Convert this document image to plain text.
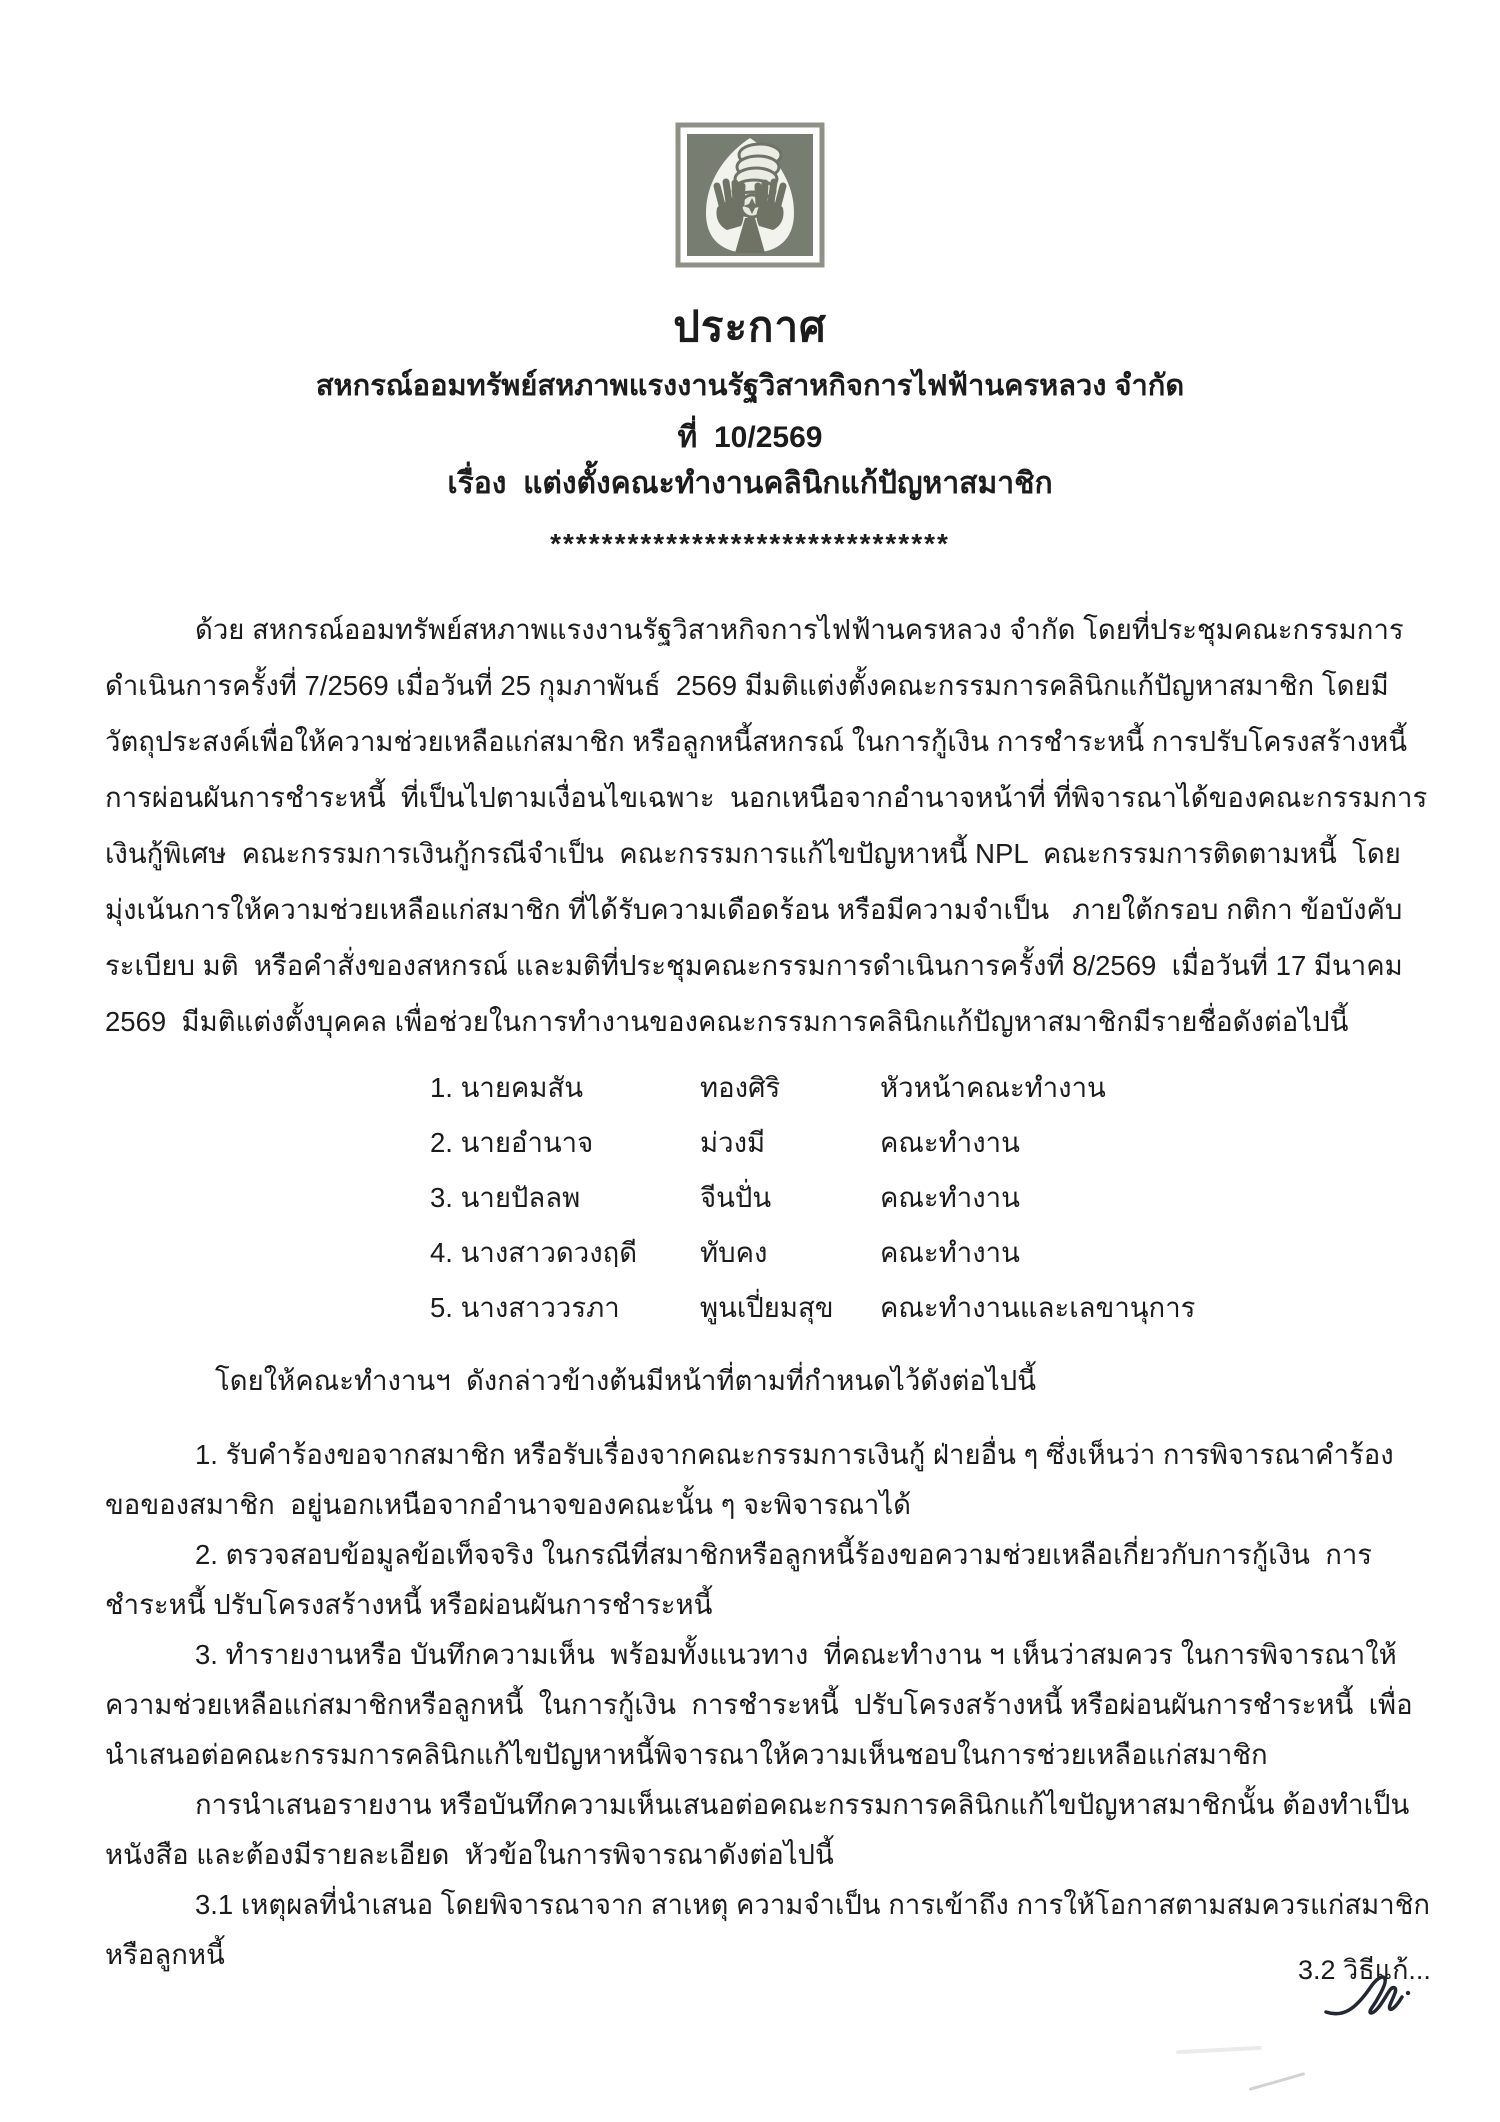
ประกาศ
สหกรณ์ออมทรัพย์สหภาพแรงงานรัฐวิสาหกิจการไฟฟ้านครหลวง จำกัด
ที่  10/2569
เรื่อง  แต่งตั้งคณะทำงานคลินิกแก้ปัญหาสมาชิก
*******************************
ด้วย สหกรณ์ออมทรัพย์สหภาพแรงงานรัฐวิสาหกิจการไฟฟ้านครหลวง จำกัด โดยที่ประชุมคณะกรรมการ
ดำเนินการครั้งที่ 7/2569 เมื่อวันที่ 25 กุมภาพันธ์  2569 มีมติแต่งตั้งคณะกรรมการคลินิกแก้ปัญหาสมาชิก โดยมี
วัตถุประสงค์เพื่อให้ความช่วยเหลือแก่สมาชิก หรือลูกหนี้สหกรณ์ ในการกู้เงิน การชำระหนี้ การปรับโครงสร้างหนี้
การผ่อนผันการชำระหนี้  ที่เป็นไปตามเงื่อนไขเฉพาะ  นอกเหนือจากอำนาจหน้าที่ ที่พิจารณาได้ของคณะกรรมการ
เงินกู้พิเศษ  คณะกรรมการเงินกู้กรณีจำเป็น  คณะกรรมการแก้ไขปัญหาหนี้ NPL  คณะกรรมการติดตามหนี้  โดย
มุ่งเน้นการให้ความช่วยเหลือแก่สมาชิก ที่ได้รับความเดือดร้อน หรือมีความจำเป็น   ภายใต้กรอบ กติกา ข้อบังคับ
ระเบียบ มติ  หรือคำสั่งของสหกรณ์ และมติที่ประชุมคณะกรรมการดำเนินการครั้งที่ 8/2569  เมื่อวันที่ 17 มีนาคม
2569  มีมติแต่งตั้งบุคคล เพื่อช่วยในการทำงานของคณะกรรมการคลินิกแก้ปัญหาสมาชิกมีรายชื่อดังต่อไปนี้
1. นายคมสัน	ทองศิริ	หัวหน้าคณะทำงาน
2. นายอำนาจ	ม่วงมี	คณะทำงาน
3. นายปัลลพ	จีนปั่น	คณะทำงาน
4. นางสาวดวงฤดี	ทับคง	คณะทำงาน
5. นางสาววรภา	พูนเปี่ยมสุข	คณะทำงานและเลขานุการ
โดยให้คณะทำงานฯ  ดังกล่าวข้างต้นมีหน้าที่ตามที่กำหนดไว้ดังต่อไปนี้
1. รับคำร้องขอจากสมาชิก หรือรับเรื่องจากคณะกรรมการเงินกู้ ฝ่ายอื่น ๆ ซึ่งเห็นว่า การพิจารณาคำร้อง
ขอของสมาชิก  อยู่นอกเหนือจากอำนาจของคณะนั้น ๆ จะพิจารณาได้
2. ตรวจสอบข้อมูลข้อเท็จจริง ในกรณีที่สมาชิกหรือลูกหนี้ร้องขอความช่วยเหลือเกี่ยวกับการกู้เงิน  การ
ชำระหนี้ ปรับโครงสร้างหนี้ หรือผ่อนผันการชำระหนี้
3. ทำรายงานหรือ บันทึกความเห็น  พร้อมทั้งแนวทาง  ที่คณะทำงาน ฯ เห็นว่าสมควร ในการพิจารณาให้
ความช่วยเหลือแก่สมาชิกหรือลูกหนี้  ในการกู้เงิน  การชำระหนี้  ปรับโครงสร้างหนี้ หรือผ่อนผันการชำระหนี้  เพื่อ
นำเสนอต่อคณะกรรมการคลินิกแก้ไขปัญหาหนี้พิจารณาให้ความเห็นชอบในการช่วยเหลือแก่สมาชิก
การนำเสนอรายงาน หรือบันทึกความเห็นเสนอต่อคณะกรรมการคลินิกแก้ไขปัญหาสมาชิกนั้น ต้องทำเป็น
หนังสือ และต้องมีรายละเอียด  หัวข้อในการพิจารณาดังต่อไปนี้
3.1 เหตุผลที่นำเสนอ โดยพิจารณาจาก สาเหตุ ความจำเป็น การเข้าถึง การให้โอกาสตามสมควรแก่สมาชิก
หรือลูกหนี้	3.2 วิธีแก้...
